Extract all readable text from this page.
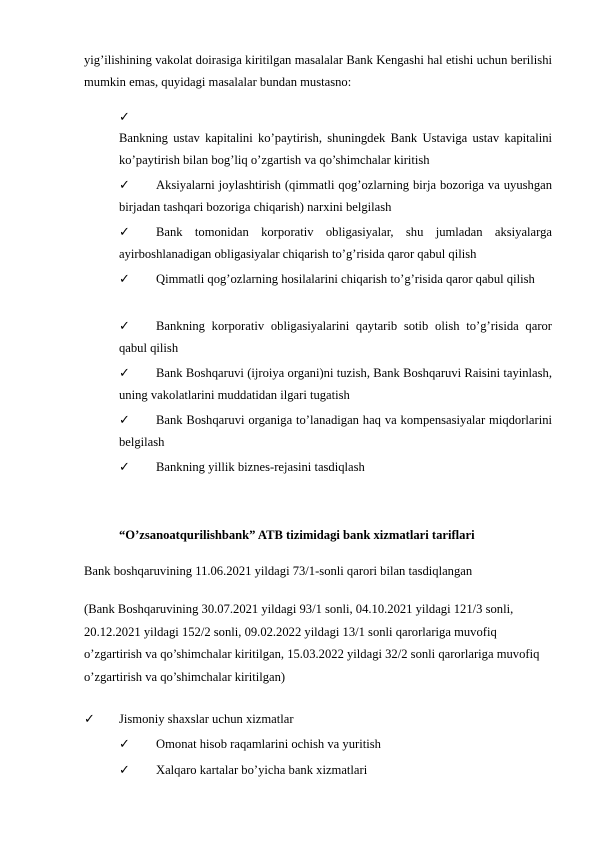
yig’ilishining vakolat doirasiga kiritilgan masalalar Bank Kengashi hal etishi uchun berilishi mumkin emas, quyidagi masalalar bundan mustasno:

✓

Bankning ustav kapitalini ko’paytirish, shuningdek Bank Ustaviga ustav kapitalini ko’paytirish bilan bog’liq o’zgartish va qo’shimchalar kiritish

✓	Aksiyalarni joylashtirish (qimmatli qog’ozlarning birja bozoriga va uyushgan birjadan tashqari bozoriga chiqarish) narxini belgilash

✓	Bank tomonidan korporativ obligasiyalar, shu jumladan aksiyalarga ayirboshlanadigan obligasiyalar chiqarish to’g’risida qaror qabul qilish

✓	Qimmatli qog’ozlarning hosilalarini chiqarish to’g’risida qaror qabul qilish

✓	Bankning korporativ obligasiyalarini qaytarib sotib olish to’g’risida qaror qabul qilish

✓	Bank Boshqaruvi (ijroiya organi)ni tuzish, Bank Boshqaruvi Raisini tayinlash, uning vakolatlarini muddatidan ilgari tugatish

✓	Bank Boshqaruvi organiga to’lanadigan haq va kompensasiyalar miqdorlarini belgilash

✓ Bankning yillik biznes-rejasini tasdiqlash

“O’zsanoatqurilishbank” ATB tizimidagi bank xizmatlari tariflari

Bank boshqaruvining 11.06.2021 yildagi 73/1-sonli qarori bilan tasdiqlangan

(Bank Boshqaruvining 30.07.2021 yildagi 93/1 sonli, 04.10.2021 yildagi 121/3 sonli, 20.12.2021 yildagi 152/2 sonli, 09.02.2022 yildagi 13/1 sonli qarorlariga muvofiq o’zgartirish va qo’shimchalar kiritilgan, 15.03.2022 yildagi 32/2 sonli qarorlariga muvofiq o’zgartirish va qo’shimchalar kiritilgan)

✓ Jismoniy shaxslar uchun xizmatlar

✓ Omonat hisob raqamlarini ochish va yuritish

✓ Xalqaro kartalar bo’yicha bank xizmatlari
